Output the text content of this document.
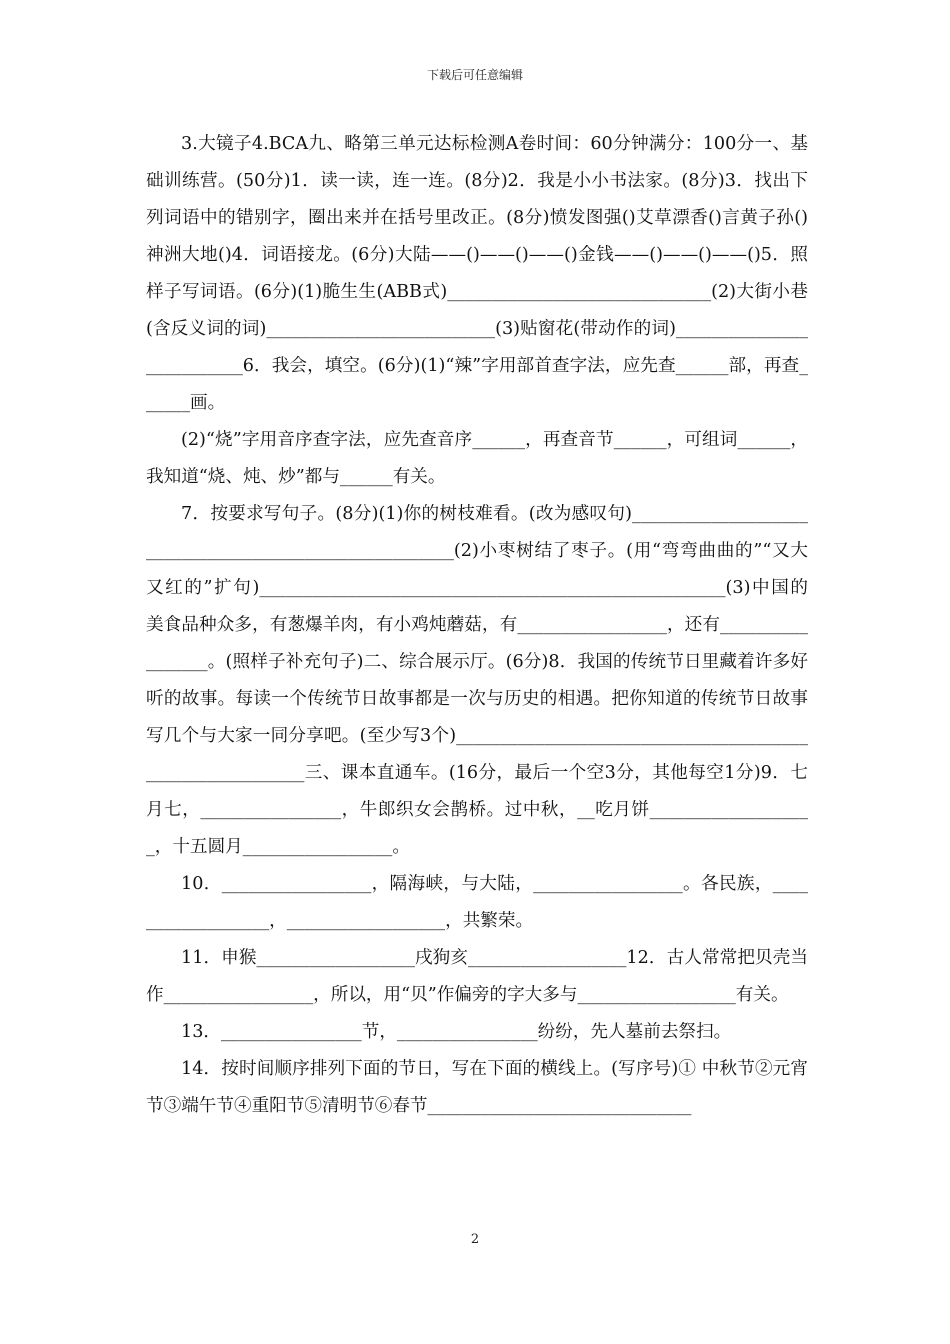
下载后可任意编辑

3.大镜子4.BCA九、略第三单元达标检测A卷时间：60分钟满分：100分一、基础训练营。(50分)1．读一读，连一连。(8分)2．我是小小书法家。(8分)3．找出下列词语中的错别字，圈出来并在括号里改正。(8分)愤发图强()艾草漂香()言黄子孙()神洲大地()4．词语接龙。(6分)大陆——()——()——()金钱——()——()——()5．照样子写词语。(6分)(1)脆生生(ABB式)______________________________(2)大街小巷(含反义词的词)__________________________(3)贴窗花(带动作的词)__________________________6．我会，填空。(6分)(1)“辣”字用部首查字法，应先查______部，再查______画。

(2)“烧”字用音序查字法，应先查音序______，再查音节______，可组词______，我知道“烧、炖、炒”都与______有关。

7．按要求写句子。(8分)(1)你的树枝难看。(改为感叹句)_______________________________________________________(2)小枣树结了枣子。(用“弯弯曲曲的”“又大又红的”扩句)_____________________________________________________(3)中国的美食品种众多，有葱爆羊肉，有小鸡炖蘑菇，有_________________，还有_________________。(照样子补充句子)二、综合展示厅。(6分)8．我国的传统节日里藏着许多好听的故事。每读一个传统节日故事都是一次与历史的相遇。把你知道的传统节日故事写几个与大家一同分享吧。(至少写3个)__________________________________________________________三、课本直通车。(16分，最后一个空3分，其他每空1分)9．七月七，________________，牛郎织女会鹊桥。过中秋，__吃月饼___________________，十五圆月_________________。

10．_________________，隔海峡，与大陆，_________________。各民族，__________________，__________________，共繁荣。

11．申猴__________________戌狗亥__________________12．古人常常把贝壳当作_________________，所以，用“贝”作偏旁的字大多与__________________有关。

13．________________节，________________纷纷，先人墓前去祭扫。

14．按时间顺序排列下面的节日，写在下面的横线上。(写序号)① 中秋节②元宵节③端午节④重阳节⑤清明节⑥春节______________________________

2
